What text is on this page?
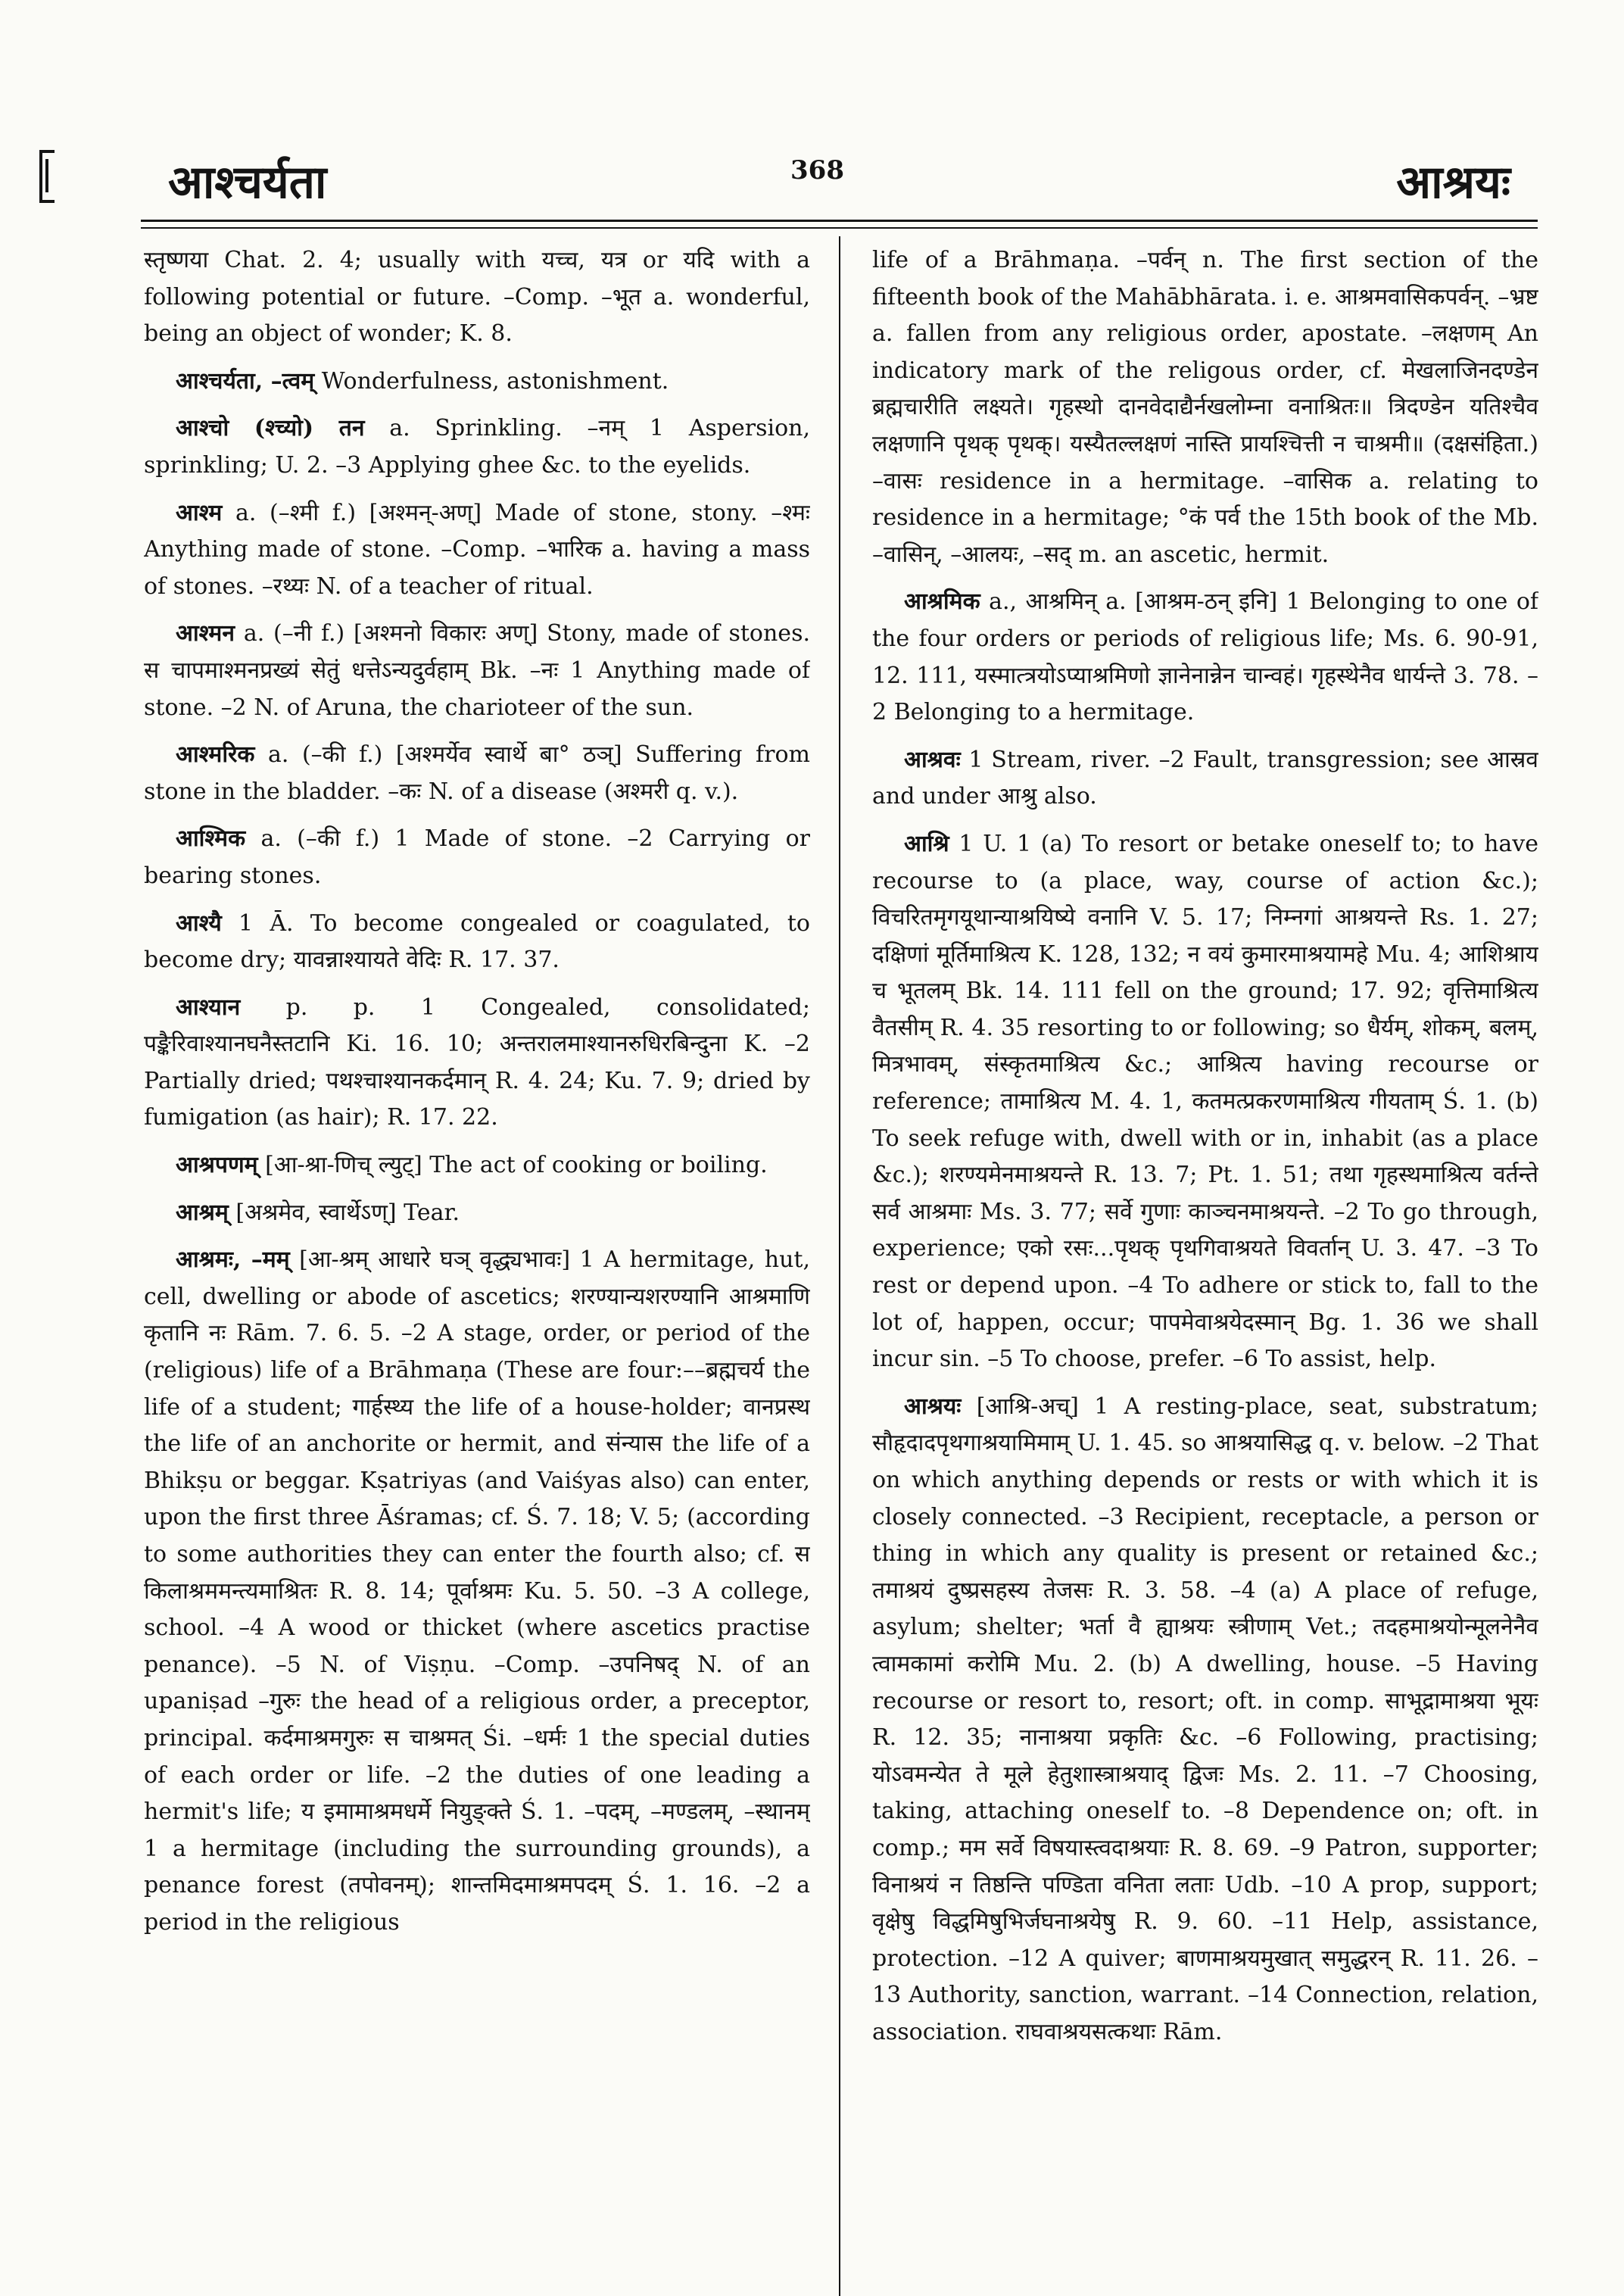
आश्चर्यता	368	आश्रयः

स्तृष्णया Chat. 2. 4; usually with यच्च, यत्र or यदि with a following potential or future. –Comp. –भूत a. wonderful, being an object of wonder; K. 8.

आश्चर्यता, –त्वम् Wonderfulness, astonishment.

आश्चो (श्च्यो) तन a. Sprinkling. –नम् 1 Aspersion, sprinkling; U. 2. –3 Applying ghee &c. to the eyelids.

आश्म a. (–श्मी f.) [अश्मन्-अण्] Made of stone, stony. –श्मः Anything made of stone. –Comp. –भारिक a. having a mass of stones. –रथ्यः N. of a teacher of ritual.

आश्मन a. (–नी f.) [अश्मनो विकारः अण्] Stony, made of stones. स चापमाश्मनप्रख्यं सेतुं धत्तेऽन्यदुर्वहाम् Bk. –नः 1 Anything made of stone. –2 N. of Aruna, the charioteer of the sun.

आश्मरिक a. (–की f.) [अश्मर्येव स्वार्थे बा° ठञ्] Suffering from stone in the bladder. –कः N. of a disease (अश्मरी q. v.).

आश्मिक a. (–की f.) 1 Made of stone. –2 Carrying or bearing stones.

आश्यै 1 Ā. To become congealed or coagulated, to become dry; यावन्नाश्यायते वेदिः R. 17. 37.

आश्यान p. p. 1 Congealed, consolidated; पङ्कैरिवाश्यानघनैस्तटानि Ki. 16. 10; अन्तरालमाश्यानरुधिरबिन्दुना K. –2 Partially dried; पथश्चाश्यानकर्दमान् R. 4. 24; Ku. 7. 9; dried by fumigation (as hair); R. 17. 22.

आश्रपणम् [आ-श्रा-णिच् ल्युट्] The act of cooking or boiling.

आश्रम् [अश्रमेव, स्वार्थेऽण्] Tear.

आश्रमः, –मम् [आ-श्रम् आधारे घञ् वृद्ध्यभावः] 1 A hermitage, hut, cell, dwelling or abode of ascetics; शरण्यान्यशरण्यानि आश्रमाणि कृतानि नः Rām. 7. 6. 5. –2 A stage, order, or period of the (religious) life of a Brāhmaṇa (These are four:––ब्रह्मचर्य the life of a student; गार्हस्थ्य the life of a house-holder; वानप्रस्थ the life of an anchorite or hermit, and संन्यास the life of a Bhikṣu or beggar. Kṣatriyas (and Vaiśyas also) can enter, upon the first three Āśramas; cf. Ś. 7. 18; V. 5; (according to some authorities they can enter the fourth also; cf. स किलाश्रममन्त्यमाश्रितः R. 8. 14; पूर्वाश्रमः Ku. 5. 50. –3 A college, school. –4 A wood or thicket (where ascetics practise penance). –5 N. of Viṣṇu. –Comp. –उपनिषद् N. of an upaniṣad –गुरुः the head of a religious order, a preceptor, principal. कर्दमाश्रमगुरुः स चाश्रमत् Śi. –धर्मः 1 the special duties of each order or life. –2 the duties of one leading a hermit's life; य इमामाश्रमधर्मे नियुङ्क्ते Ś. 1. –पदम्, –मण्डलम्, –स्थानम् 1 a hermitage (including the surrounding grounds), a penance forest (तपोवनम्); शान्तमिदमाश्रमपदम् Ś. 1. 16. –2 a period in the religious

life of a Brāhmaṇa. –पर्वन् n. The first section of the fifteenth book of the Mahābhārata. i. e. आश्रमवासिकपर्वन्. –भ्रष्ट a. fallen from any religious order, apostate. –लक्षणम् An indicatory mark of the religous order, cf. मेखलाजिनदण्डेन ब्रह्मचारीति लक्ष्यते। गृहस्थो दानवेदाद्यैर्नखलोम्ना वनाश्रितः॥ त्रिदण्डेन यतिश्चैव लक्षणानि पृथक् पृथक्। यस्यैतल्लक्षणं नास्ति प्रायश्चित्ती न चाश्रमी॥ (दक्षसंहिता.) –वासः residence in a hermitage. –वासिक a. relating to residence in a hermitage; °कं पर्व the 15th book of the Mb. –वासिन्, –आलयः, –सद् m. an ascetic, hermit.

आश्रमिक a., आश्रमिन् a. [आश्रम-ठन् इनि] 1 Belonging to one of the four orders or periods of religious life; Ms. 6. 90-91, 12. 111, यस्मात्त्रयोऽप्याश्रमिणो ज्ञानेनान्नेन चान्वहं। गृहस्थेनैव धार्यन्ते 3. 78. –2 Belonging to a hermitage.

आश्रवः 1 Stream, river. –2 Fault, transgression; see आस्रव and under आश्रु also.

आश्रि 1 U. 1 (a) To resort or betake oneself to; to have recourse to (a place, way, course of action &c.); विचरितमृगयूथान्याश्रयिष्ये वनानि V. 5. 17; निम्नगां आश्रयन्ते Rs. 1. 27; दक्षिणां मूर्तिमाश्रित्य K. 128, 132; न वयं कुमारमाश्रयामहे Mu. 4; आशिश्राय च भूतलम् Bk. 14. 111 fell on the ground; 17. 92; वृत्तिमाश्रित्य वैतसीम् R. 4. 35 resorting to or following; so धैर्यम्, शोकम्, बलम्, मित्रभावम्, संस्कृतमाश्रित्य &c.; आश्रित्य having recourse or reference; तामाश्रित्य M. 4. 1, कतमत्प्रकरणमाश्रित्य गीयताम् Ś. 1. (b) To seek refuge with, dwell with or in, inhabit (as a place &c.); शरण्यमेनमाश्रयन्ते R. 13. 7; Pt. 1. 51; तथा गृहस्थमाश्रित्य वर्तन्ते सर्व आश्रमाः Ms. 3. 77; सर्वे गुणाः काञ्चनमाश्रयन्ते. –2 To go through, experience; एको रसः...पृथक् पृथगिवाश्रयते विवर्तान् U. 3. 47. –3 To rest or depend upon. –4 To adhere or stick to, fall to the lot of, happen, occur; पापमेवाश्रयेदस्मान् Bg. 1. 36 we shall incur sin. –5 To choose, prefer. –6 To assist, help.

आश्रयः [आश्रि-अच्] 1 A resting-place, seat, substratum; सौहृदादपृथगाश्रयामिमाम् U. 1. 45. so आश्रयासिद्ध q. v. below. –2 That on which anything depends or rests or with which it is closely connected. –3 Recipient, receptacle, a person or thing in which any quality is present or retained &c.; तमाश्रयं दुष्प्रसहस्य तेजसः R. 3. 58. –4 (a) A place of refuge, asylum; shelter; भर्ता वै ह्याश्रयः स्त्रीणाम् Vet.; तदहमाश्रयोन्मूलनेनैव त्वामकामां करोमि Mu. 2. (b) A dwelling, house. –5 Having recourse or resort to, resort; oft. in comp. साभूद्रामाश्रया भूयः R. 12. 35; नानाश्रया प्रकृतिः &c. –6 Following, practising; योऽवमन्येत ते मूले हेतुशास्त्राश्रयाद् द्विजः Ms. 2. 11. –7 Choosing, taking, attaching oneself to. –8 Dependence on; oft. in comp.; मम सर्वे विषयास्त्वदाश्रयाः R. 8. 69. –9 Patron, supporter; विनाश्रयं न तिष्ठन्ति पण्डिता वनिता लताः Udb. –10 A prop, support; वृक्षेषु विद्धमिषुभिर्जघनाश्रयेषु R. 9. 60. –11 Help, assistance, protection. –12 A quiver; बाणमाश्रयमुखात् समुद्धरन् R. 11. 26. –13 Authority, sanction, warrant. –14 Connection, relation, association. राघवाश्रयसत्कथाः Rām.
